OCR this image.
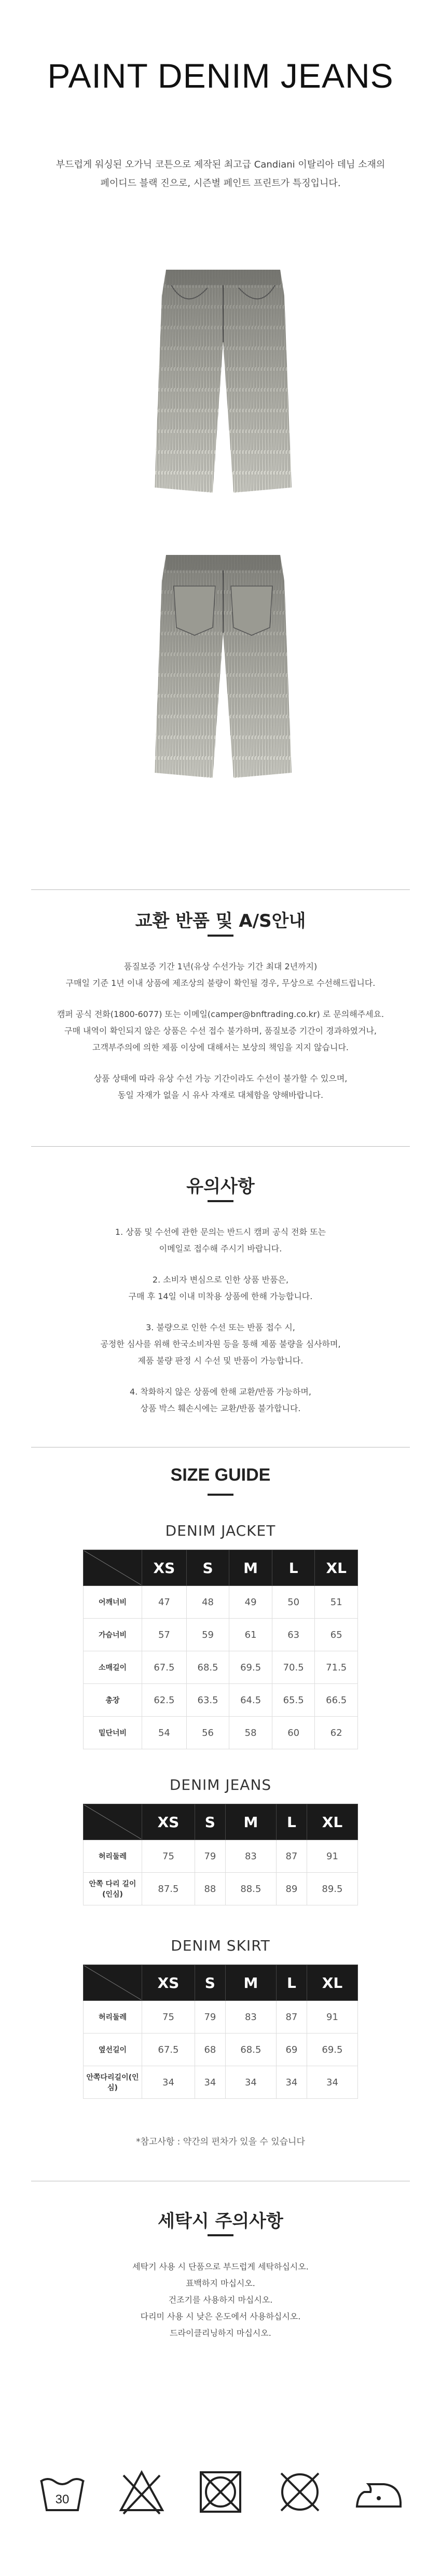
PAINT DENIM JEANS
부드럽게 워싱된 오가닉 코튼으로 제작된 최고급 Candiani 이탈리아 데님 소재의
페이디드 블랙 진으로, 시즌별 페인트 프린트가 특징입니다.
교환 반품 및 A/S안내

품질보증 기간 1년(유상 수선가능 기간 최대 2년까지)
구매일 기준 1년 이내 상품에 제조상의 불량이 확인될 경우, 무상으로 수선해드립니다.

캠퍼 공식 전화(1800-6077) 또는 이메일(camper@bnftrading.co.kr) 로 문의해주세요.
구매 내역이 확인되지 않은 상품은 수선 접수 불가하며, 품질보증 기간이 경과하였거나,
고객부주의에 의한 제품 이상에 대해서는 보상의 책임을 지지 않습니다.

상품 상태에 따라 유상 수선 가능 기간이라도 수선이 불가할 수 있으며,
동일 자재가 없을 시 유사 자재로 대체함을 양해바랍니다.

유의사항

1. 상품 및 수선에 관한 문의는 반드시 캠퍼 공식 전화 또는
이메일로 접수해 주시기 바랍니다.

2. 소비자 변심으로 인한 상품 반품은,
구매 후 14일 이내 미착용 상품에 한해 가능합니다.

3. 불량으로 인한 수선 또는 반품 접수 시,
공정한 심사를 위해 한국소비자원 등을 통해 제품 불량을 심사하며,
제품 불량 판정 시 수선 및 반품이 가능합니다.

4. 착화하지 않은 상품에 한해 교환/반품 가능하며,
상품 박스 훼손시에는 교환/반품 불가합니다.

SIZE GUIDE
DENIM JACKET
	XS	S	M	L	XL
어깨너비	47	48	49	50	51
가슴너비	57	59	61	63	65
소매길이	67.5	68.5	69.5	70.5	71.5
총장	62.5	63.5	64.5	65.5	66.5
밑단너비	54	56	58	60	62
DENIM JEANS
	XS	S	M	L	XL
허리둘레	75	79	83	87	91
안쪽 다리 길이(인심)	87.5	88	88.5	89	89.5
DENIM SKIRT
	XS	S	M	L	XL
허리둘레	75	79	83	87	91
옆선길이	67.5	68	68.5	69	69.5
안쪽다리길이(인심)	34	34	34	34	34
*참고사항 : 약간의 편차가 있을 수 있습니다
세탁시 주의사항
세탁기 사용 시 단품으로 부드럽게 세탁하십시오.
표백하지 마십시오.
건조기를 사용하지 마십시오.
다리미 사용 시 낮은 온도에서 사용하십시오.
드라이클리닝하지 마십시오.
30
